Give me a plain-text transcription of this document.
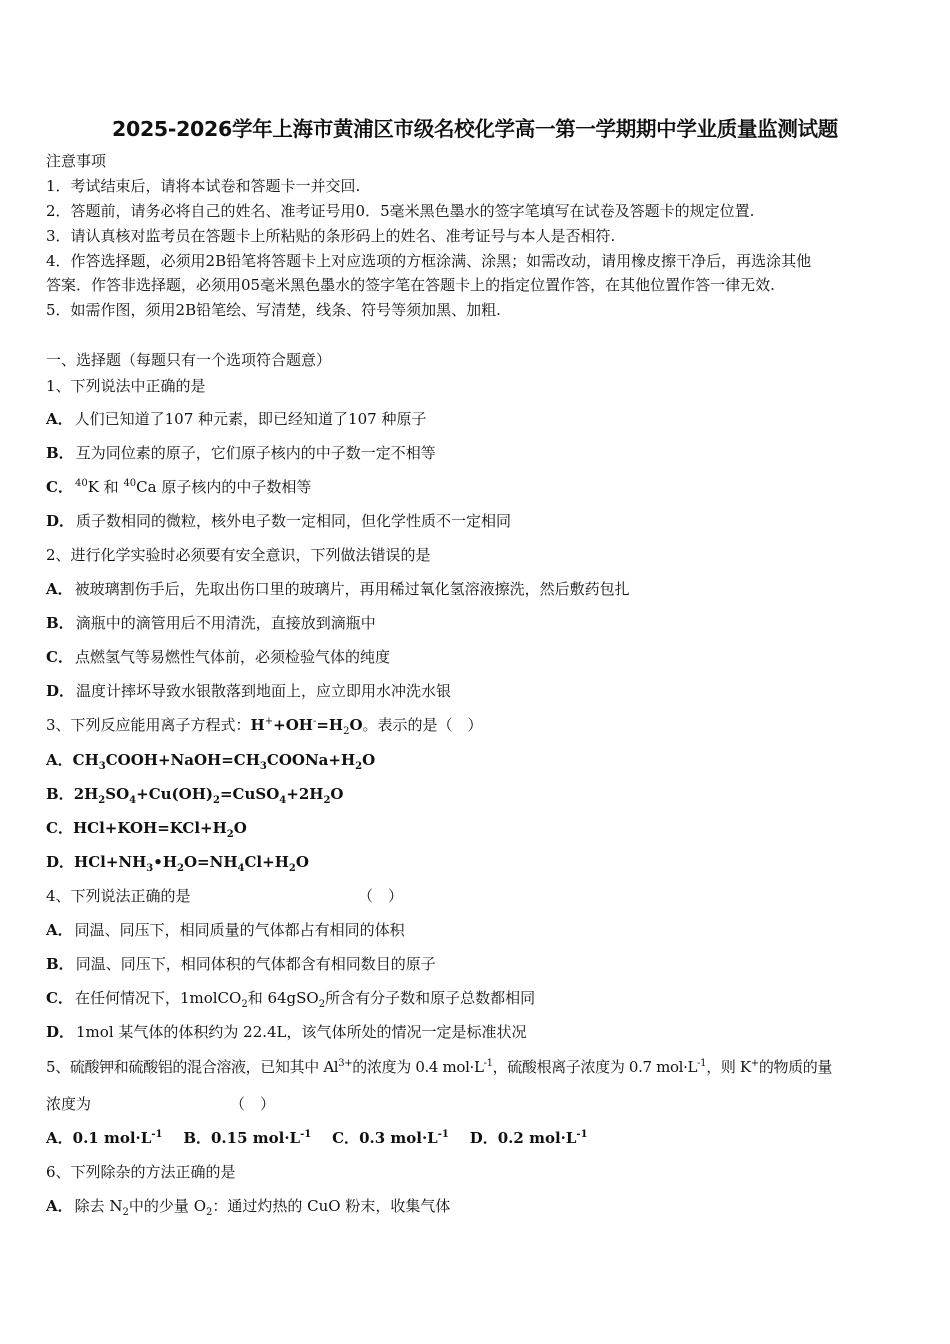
2025-2026学年上海市黄浦区市级名校化学高一第一学期期中学业质量监测试题
注意事项
1．考试结束后，请将本试卷和答题卡一并交回.
2．答题前，请务必将自己的姓名、准考证号用0．5毫米黑色墨水的签字笔填写在试卷及答题卡的规定位置.
3．请认真核对监考员在答题卡上所粘贴的条形码上的姓名、准考证号与本人是否相符.
4．作答选择题，必须用2B铅笔将答题卡上对应选项的方框涂满、涂黑；如需改动，请用橡皮擦干净后，再选涂其他
答案．作答非选择题，必须用05毫米黑色墨水的签字笔在答题卡上的指定位置作答，在其他位置作答一律无效.
5．如需作图，须用2B铅笔绘、写清楚，线条、符号等须加黑、加粗.
一、选择题（每题只有一个选项符合题意）
1、下列说法中正确的是
A． 人们已知道了107 种元素，即已经知道了107 种原子
B． 互为同位素的原子，它们原子核内的中子数一定不相等
C． $^{40}$K 和 $^{40}$Ca 原子核内的中子数相等
D． 质子数相同的微粒，核外电子数一定相同，但化学性质不一定相同
2、进行化学实验时必须要有安全意识，下列做法错误的是
A． 被玻璃割伤手后，先取出伤口里的玻璃片，再用稀过氧化氢溶液擦洗，然后敷药包扎
B． 滴瓶中的滴管用后不用清洗，直接放到滴瓶中
C． 点燃氢气等易燃性气体前，必须检验气体的纯度
D． 温度计摔坏导致水银散落到地面上，应立即用水冲洗水银
3、下列反应能用离子方程式：$H^++OH^-=H_2O$。表示的是（　）
A．$CH_3COOH+NaOH=CH_3COONa+H_2O$
B．$2H_2SO_4+Cu(OH)_2=CuSO_4+2H_2O$
C．$HCl+KOH=KCl+H_2O$
D．$HCl+NH_3•H_2O=NH_4Cl+H_2O$
4、下列说法正确的是	（　）
A． 同温、同压下，相同质量的气体都占有相同的体积
B． 同温、同压下，相同体积的气体都含有相同数目的原子
C． 在任何情况下，1molCO$_2$和 64gSO$_2$所含有分子数和原子总数都相同
D． 1mol 某气体的体积约为 22.4L，该气体所处的情况一定是标准状况
5、硫酸钾和硫酸铝的混合溶液，已知其中 $Al^{3+}$的浓度为 0.4 $mol\cdot L^{-1}$，硫酸根离子浓度为 0.7 $mol\cdot L^{-1}$，则 K+的物质的量
浓度为	（　）
A．0.1 $mol\cdot L^{-1}$ B．0.15 $mol\cdot L^{-1}$ C．0.3 $mol\cdot L^{-1}$ D．0.2 $mol\cdot L^{-1}$
6、下列除杂的方法正确的是
A． 除去 $N_2$中的少量 $O_2$：通过灼热的 CuO 粉末，收集气体
